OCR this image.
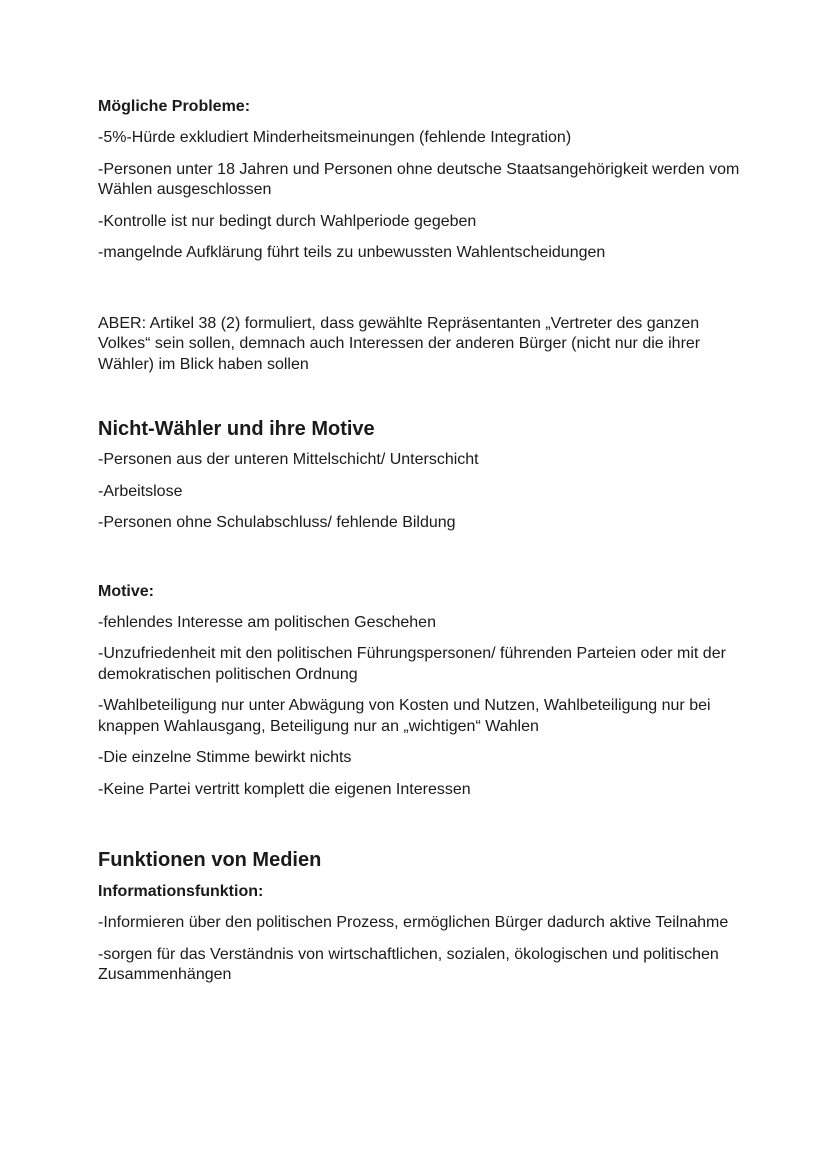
Mögliche Probleme:
-5%-Hürde exkludiert Minderheitsmeinungen (fehlende Integration)
-Personen unter 18 Jahren und Personen ohne deutsche Staatsangehörigkeit werden vom Wählen ausgeschlossen
-Kontrolle ist nur bedingt durch Wahlperiode gegeben
-mangelnde Aufklärung führt teils zu unbewussten Wahlentscheidungen
ABER: Artikel 38 (2) formuliert, dass gewählte Repräsentanten „Vertreter des ganzen Volkes“ sein sollen, demnach auch Interessen der anderen Bürger (nicht nur die ihrer Wähler) im Blick haben sollen
Nicht-Wähler und ihre Motive
-Personen aus der unteren Mittelschicht/ Unterschicht
-Arbeitslose
-Personen ohne Schulabschluss/ fehlende Bildung
Motive:
-fehlendes Interesse am politischen Geschehen
-Unzufriedenheit mit den politischen Führungspersonen/ führenden Parteien oder mit der demokratischen politischen Ordnung
-Wahlbeteiligung nur unter Abwägung von Kosten und Nutzen, Wahlbeteiligung nur bei knappen Wahlausgang, Beteiligung nur an „wichtigen“ Wahlen
-Die einzelne Stimme bewirkt nichts
-Keine Partei vertritt komplett die eigenen Interessen
Funktionen von Medien
Informationsfunktion:
-Informieren über den politischen Prozess, ermöglichen Bürger dadurch aktive Teilnahme
-sorgen für das Verständnis von wirtschaftlichen, sozialen, ökologischen und politischen Zusammenhängen
